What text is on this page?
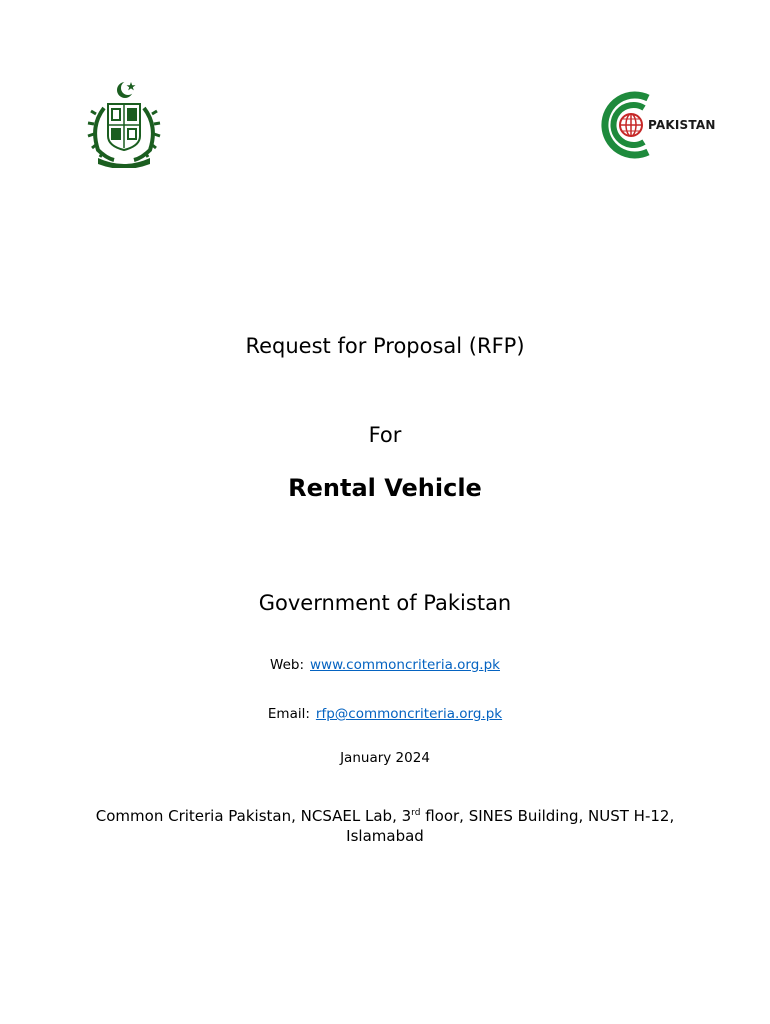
PAKISTAN
Request for Proposal (RFP)
For
Rental Vehicle
Government of Pakistan
Web: www.commoncriteria.org.pk
Email: rfp@commoncriteria.org.pk
January 2024
Common Criteria Pakistan, NCSAEL Lab, 3rd floor, SINES Building, NUST H-12,
Islamabad
